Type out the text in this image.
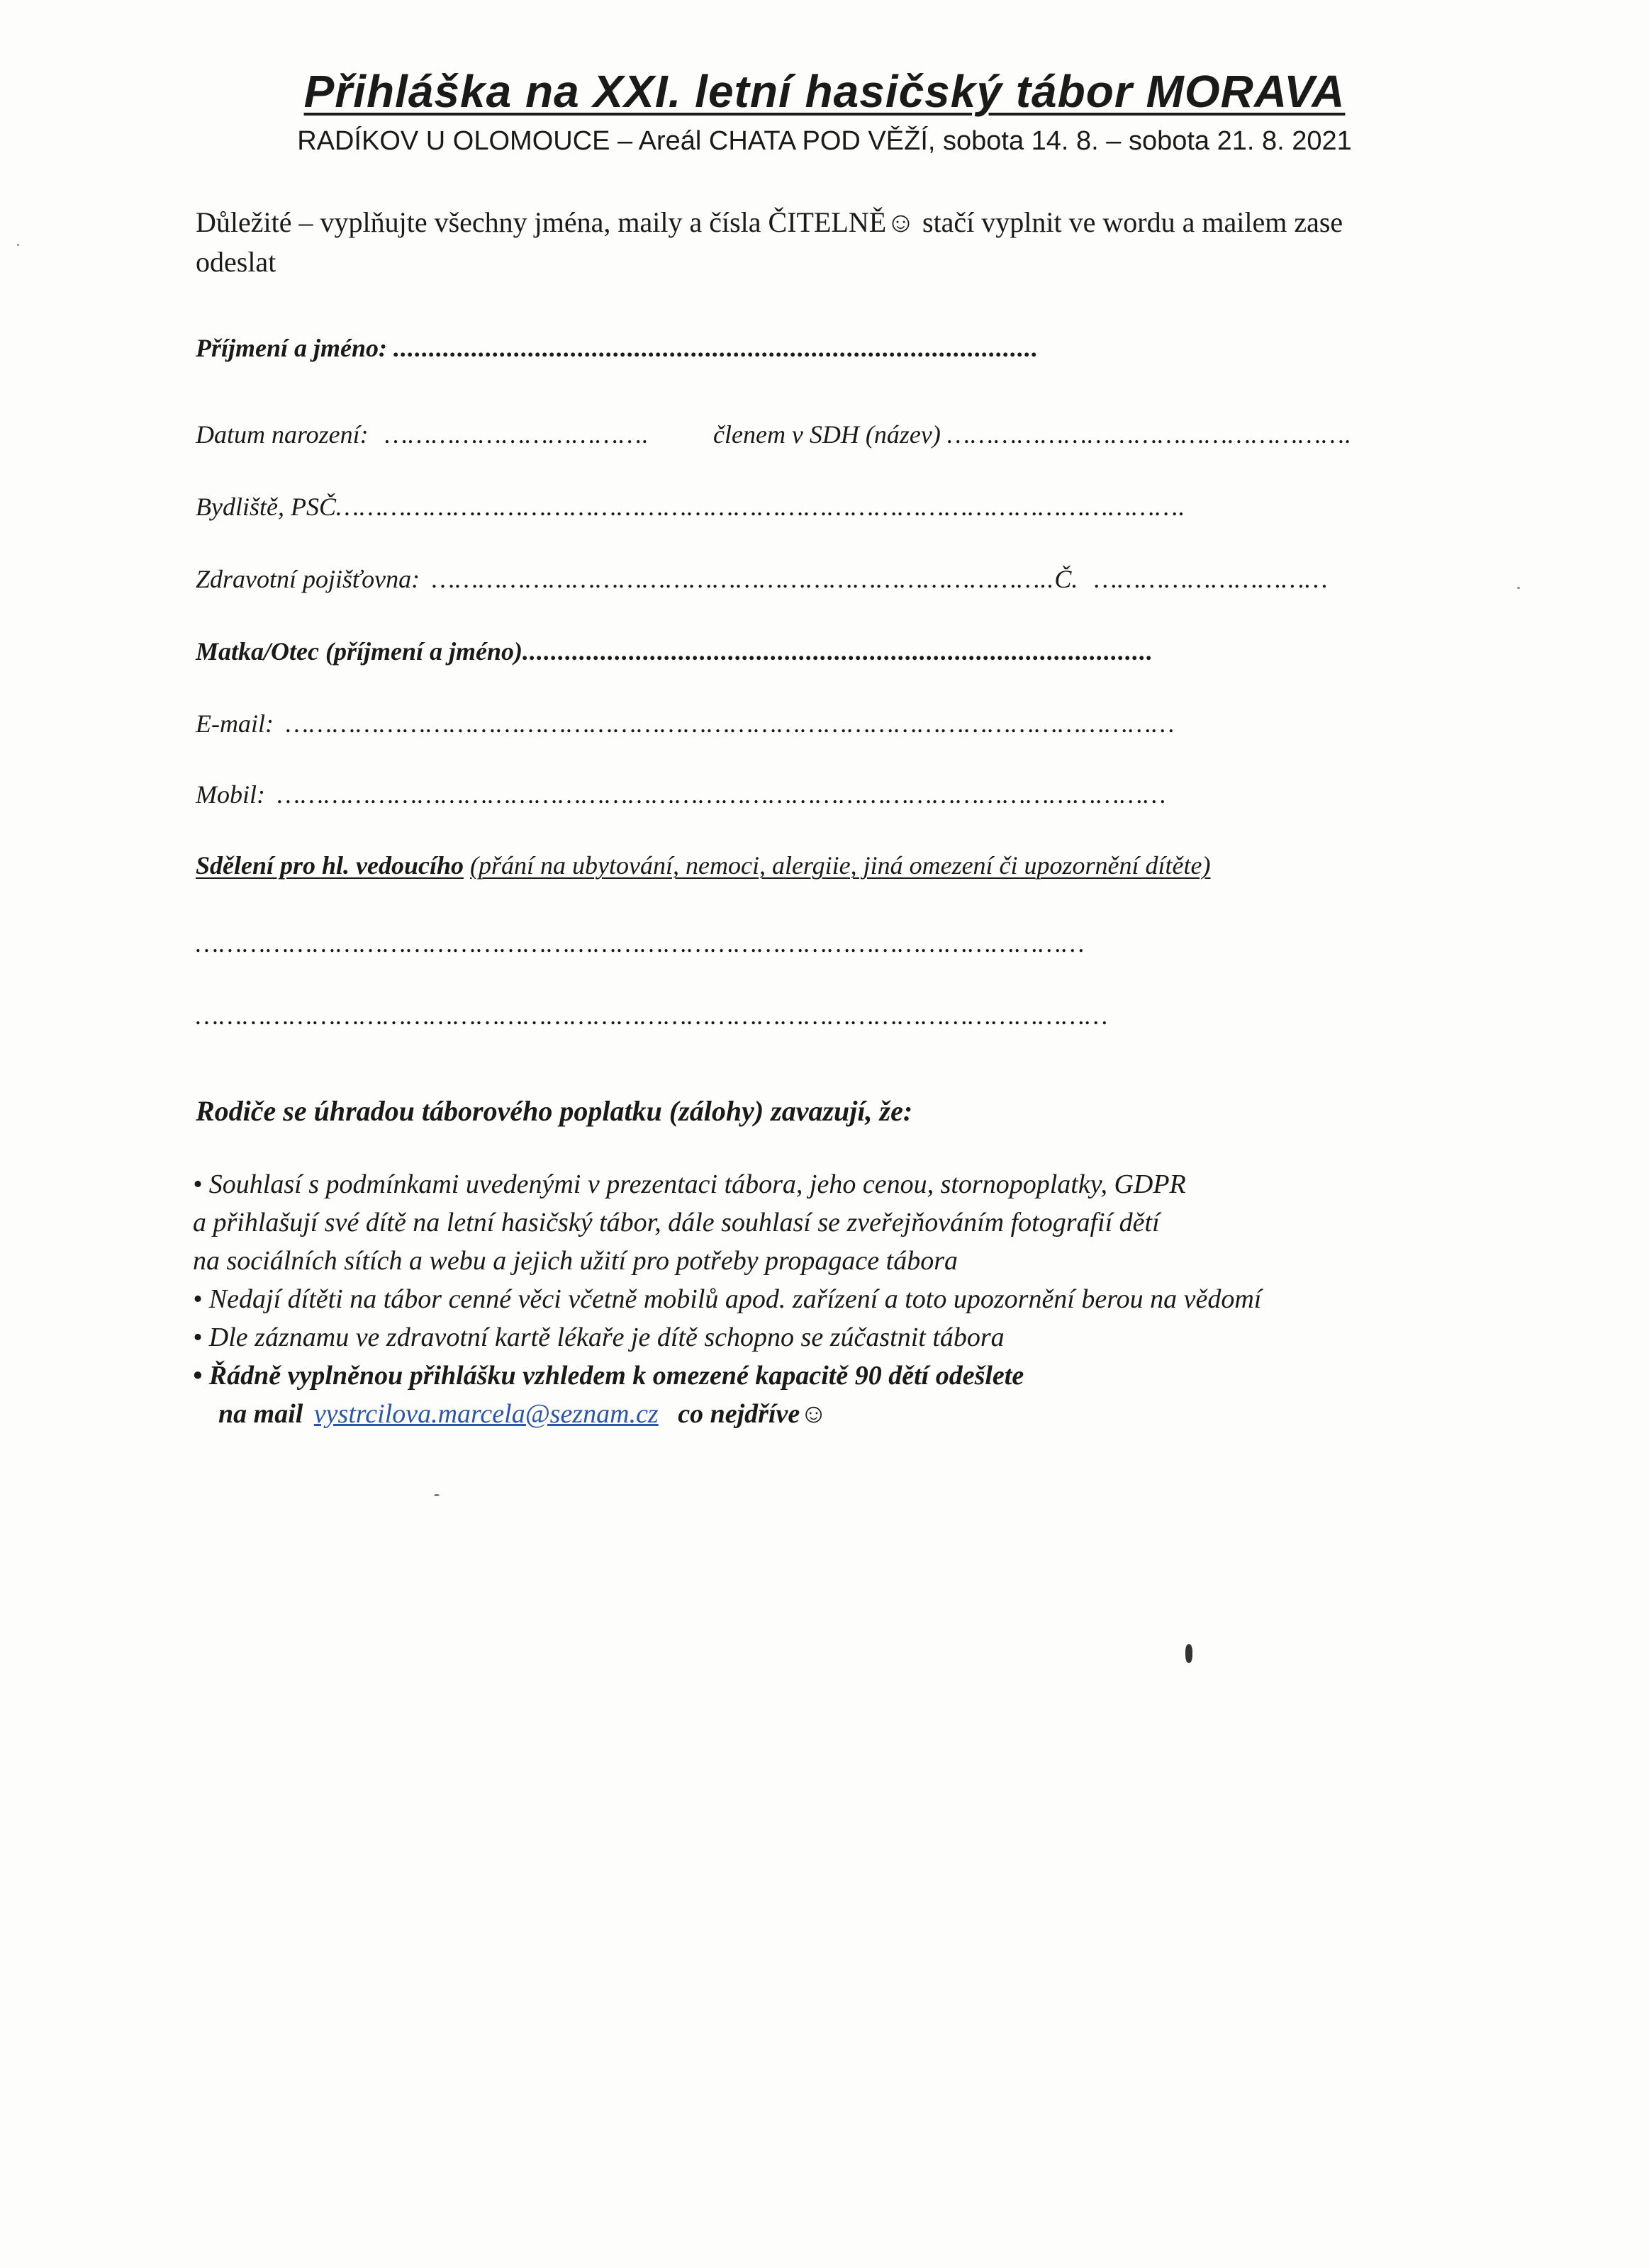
Přihláška na XXI. letní hasičský tábor MORAVA
RADÍKOV U OLOMOUCE – Areál CHATA POD VĚŽÍ, sobota 14. 8. – sobota 21. 8. 2021
Důležité – vyplňujte všechny jména, maily a čísla ČITELNĚ☺ stačí vyplnit ve wordu a mailem zase odeslat
Příjmení a jméno: ...........................................................................................
Datum narození: …………………………….	členem v SDH (název) …………………………………………….
Bydliště, PSČ……………………………………………………………………………………………….
Zdravotní pojišťovna: ……………………………………………………………………..Č. …………………………
Matka/Otec (příjmení a jméno).........................................................................................
E-mail: ……………………………………………………………………………………………………
Mobil: ……………………………………………………………………………………………………
Sdělení pro hl. vedoucího (přání na ubytování, nemoci, alergiie, jiná omezení či upozornění dítěte)
……………………………………………………………………………………………………
………………………………………………………………………………………………………
Rodiče se úhradou táborového poplatku (zálohy) zavazují, že:
• Souhlasí s podmínkami uvedenými v prezentaci tábora, jeho cenou, stornopoplatky, GDPR
a přihlašují své dítě na letní hasičský tábor, dále souhlasí se zveřejňováním fotografií dětí
na sociálních sítích a webu a jejich užití pro potřeby propagace tábora
• Nedají dítěti na tábor cenné věci včetně mobilů apod. zařízení a toto upozornění berou na vědomí
• Dle záznamu ve zdravotní kartě lékaře je dítě schopno se zúčastnit tábora
• Řádně vyplněnou přihlášku vzhledem k omezené kapacitě 90 dětí odešlete
na mail vystrcilova.marcela@seznam.cz co nejdříve☺
